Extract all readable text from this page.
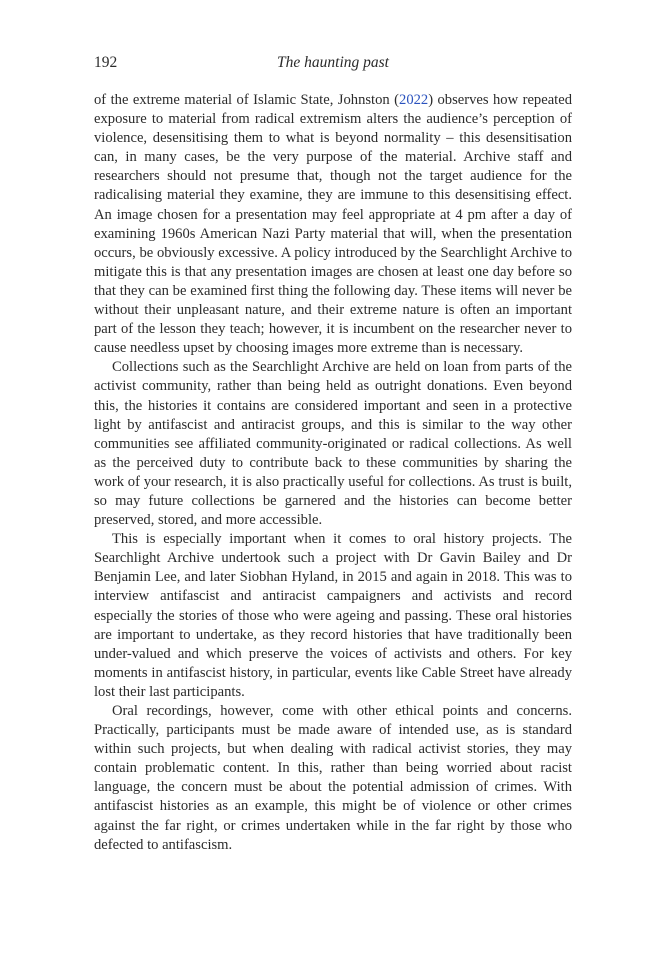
192	The haunting past

of the extreme material of Islamic State, Johnston (2022) observes how repeated exposure to material from radical extremism alters the audience’s perception of violence, desensitising them to what is beyond normality – this desensitisation can, in many cases, be the very purpose of the material. Archive staff and researchers should not presume that, though not the target audience for the radicalising material they examine, they are immune to this desensitising effect. An image chosen for a presentation may feel appropriate at 4 pm after a day of examining 1960s American Nazi Party material that will, when the presentation occurs, be obviously excessive. A policy introduced by the Searchlight Archive to mitigate this is that any presentation images are chosen at least one day before so that they can be examined first thing the following day. These items will never be without their unpleasant nature, and their extreme nature is often an important part of the lesson they teach; however, it is incumbent on the researcher never to cause needless upset by choosing images more extreme than is necessary.

Collections such as the Searchlight Archive are held on loan from parts of the activist community, rather than being held as outright donations. Even beyond this, the histories it contains are considered important and seen in a protective light by antifascist and antiracist groups, and this is similar to the way other communities see affiliated community-originated or radical collections. As well as the perceived duty to contribute back to these communities by sharing the work of your research, it is also practically useful for collections. As trust is built, so may future collections be garnered and the histories can become better preserved, stored, and more accessible.

This is especially important when it comes to oral history projects. The Searchlight Archive undertook such a project with Dr Gavin Bailey and Dr Benjamin Lee, and later Siobhan Hyland, in 2015 and again in 2018. This was to interview antifascist and antiracist campaigners and activists and record especially the stories of those who were ageing and passing. These oral histories are important to undertake, as they record histories that have traditionally been under-valued and which preserve the voices of activists and others. For key moments in antifascist history, in particular, events like Cable Street have already lost their last participants.

Oral recordings, however, come with other ethical points and concerns. Practically, participants must be made aware of intended use, as is standard within such projects, but when dealing with radical activist stories, they may contain problematic content. In this, rather than being worried about racist language, the concern must be about the potential admission of crimes. With antifascist histories as an example, this might be of violence or other crimes against the far right, or crimes undertaken while in the far right by those who defected to antifascism.
